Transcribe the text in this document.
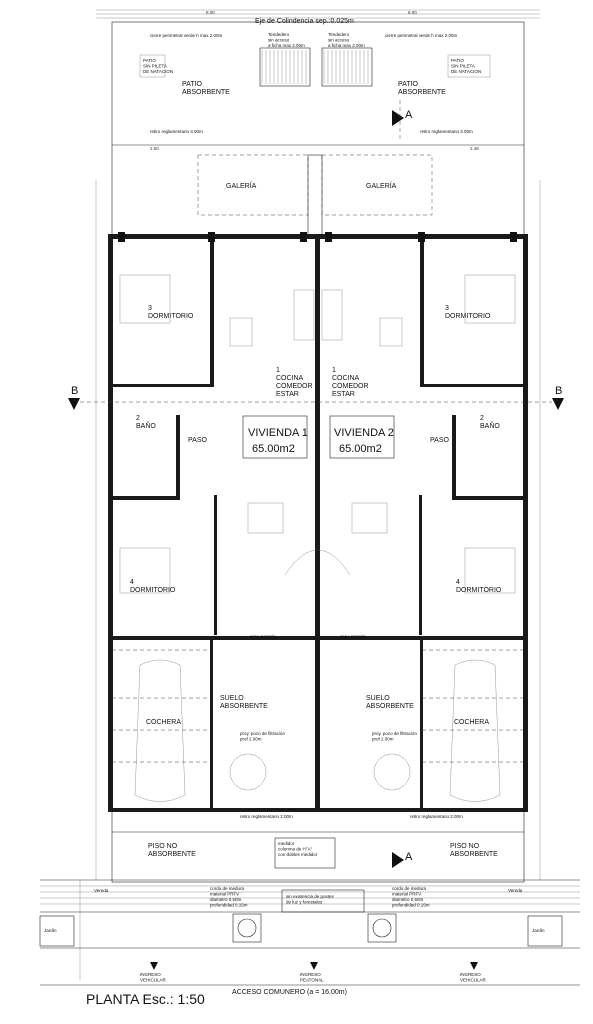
8.00	8.00
Eje de Colindencia sep.:0.025m
PATIO SIN PILETA DE NATACION
PATIO SIN PILETA DE NATACION
cierre perimetral verde h max 2.00m	cierre perimetral verde h max 2.00m
Tendedero sin acceso a ficha max 2.00m
Tendedero sin acceso a ficha max 2.00m
PATIO ABSORBENTE
PATIO ABSORBENTE
retiro reglamentario 3.00m	retiro reglamentario 3.00m
A
2.50	2.48
GALERÍA	GALERÍA
3 DORMITORIO
3 DORMITORIO
1 COCINA COMEDOR ESTAR
1 COCINA COMEDOR ESTAR
2 BAÑO
2 BAÑO
PASO	PASO
4 DORMITORIO
4 DORMITORIO
VIVIENDA 1
65.00m2
VIVIENDA 2
65.00m2
B	B
COCHERA	COCHERA
SUELO ABSORBENTE
SUELO ABSORBENTE
proy. pergola	proy. pergola
proy. pozo de filtración prof 2.00m
proy. pozo de filtración prof 2.00m
retiro reglamentario 2.00m	retiro reglamentario 2.00m
PISO NO ABSORBENTE
PISO NO ABSORBENTE
medidor columna de H°A° con dobles medidor	A
sin existencia de postes de luz y forestales
cordo de medura material PRFV diametro 0.50m profundidad 0.15m
cordo de medura material PRFV diametro 0.50m profundidad 0.15m
Vereda	Vereda
Jardín	Jardín
INGRESO VEHICULAR
INGRESO PEATONAL
INGRESO VEHICULAR
ACCESO COMUNERO (a = 16.00m)
PLANTA Esc.: 1:50
